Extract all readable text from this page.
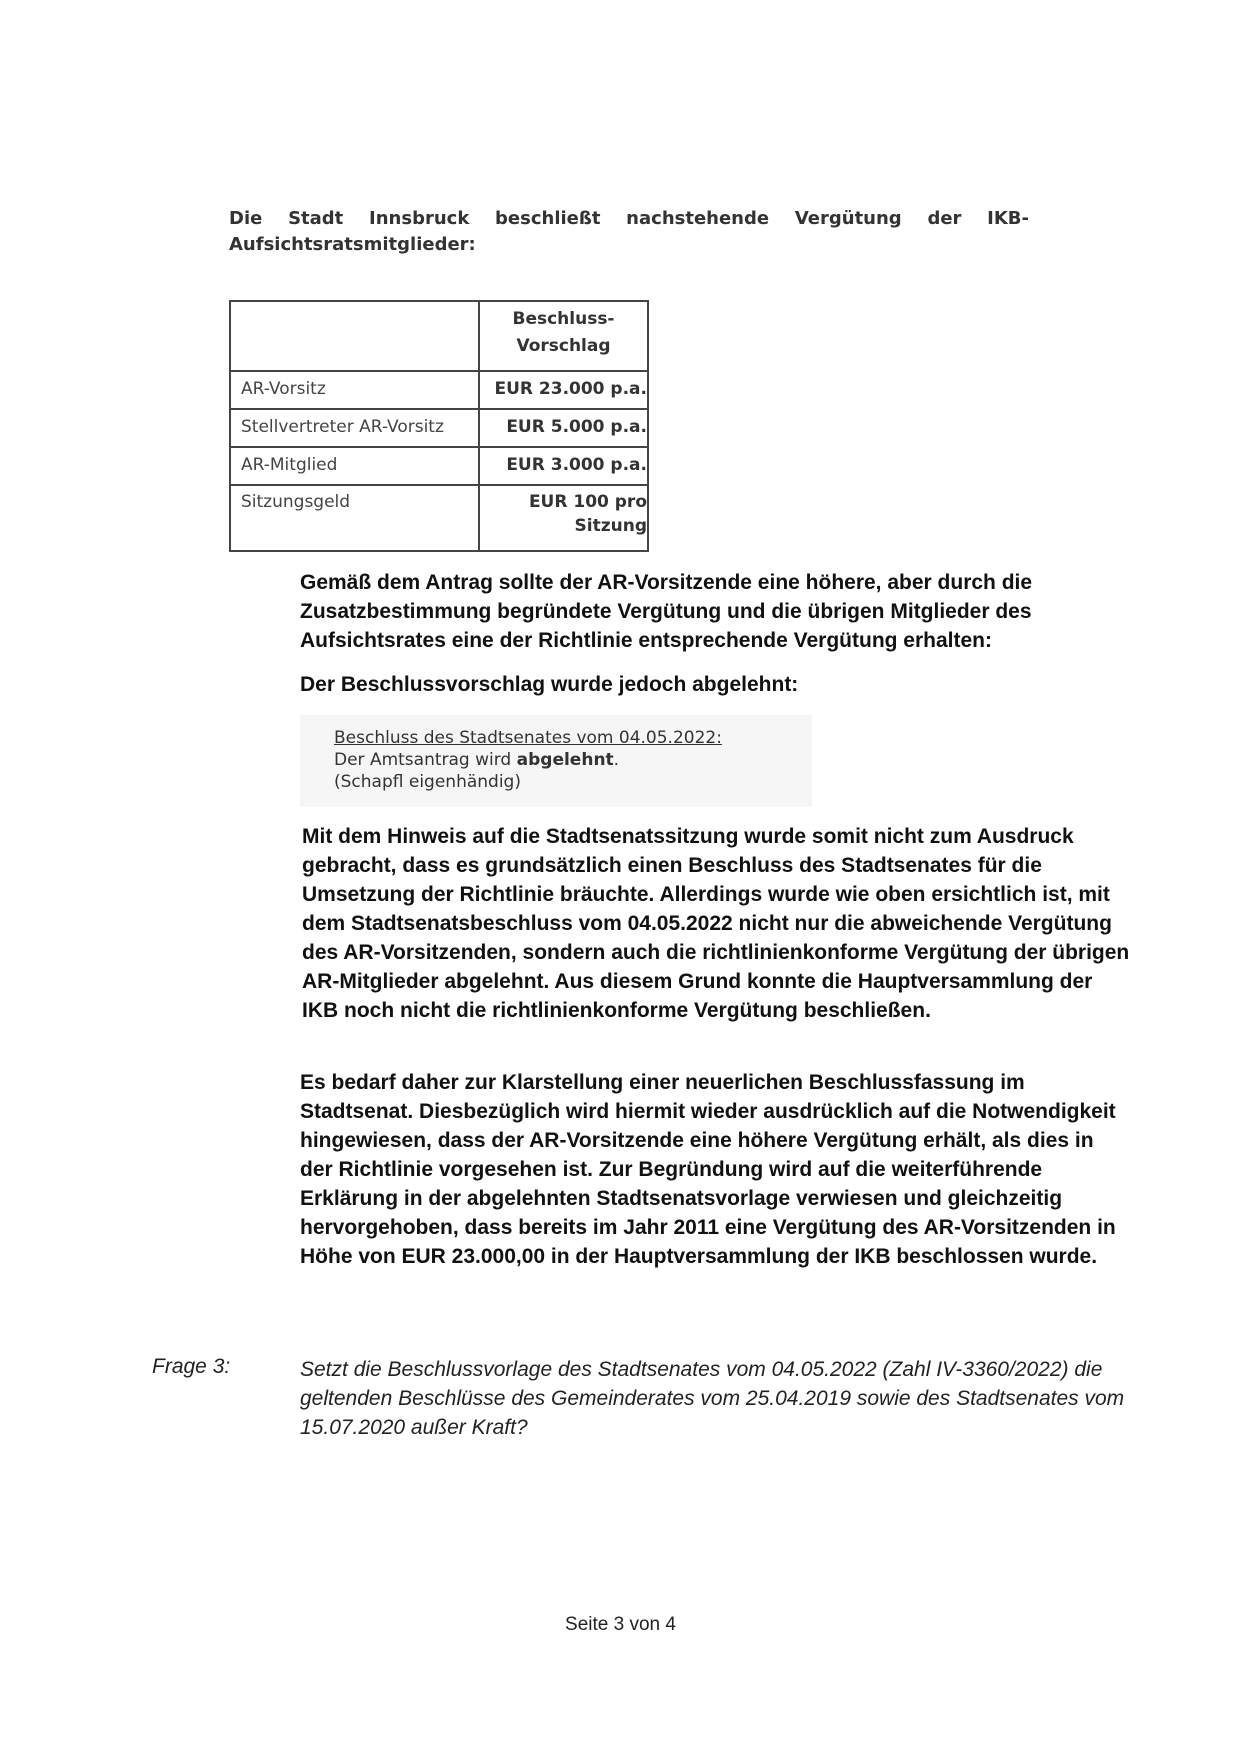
Die Stadt Innsbruck beschließt nachstehende Vergütung der IKB-
Aufsichtsratsmitglieder:

	Beschluss-
Vorschlag

AR-Vorsitz	EUR 23.000 p.a.
Stellvertreter AR-Vorsitz	EUR 5.000 p.a.
AR-Mitglied	EUR 3.000 p.a.
Sitzungsgeld	EUR 100 pro
Sitzung
Gemäß dem Antrag sollte der AR-Vorsitzende eine höhere, aber durch die Zusatzbestimmung begründete Vergütung und die übrigen Mitglieder des Aufsichtsrates eine der Richtlinie entsprechende Vergütung erhalten:
Der Beschlussvorschlag wurde jedoch abgelehnt:
Beschluss des Stadtsenates vom 04.05.2022:
Der Amtsantrag wird abgelehnt.
(Schapfl eigenhändig)
Mit dem Hinweis auf die Stadtsenatssitzung wurde somit nicht zum Ausdruck gebracht, dass es grundsätzlich einen Beschluss des Stadtsenates für die Umsetzung der Richtlinie bräuchte. Allerdings wurde wie oben ersichtlich ist, mit dem Stadtsenatsbeschluss vom 04.05.2022 nicht nur die abweichende Vergütung des AR-Vorsitzenden, sondern auch die richtlinienkonforme Vergütung der übrigen AR-Mitglieder abgelehnt. Aus diesem Grund konnte die Hauptversammlung der IKB noch nicht die richtlinienkonforme Vergütung beschließen.
Es bedarf daher zur Klarstellung einer neuerlichen Beschlussfassung im Stadtsenat. Diesbezüglich wird hiermit wieder ausdrücklich auf die Notwendigkeit hingewiesen, dass der AR-Vorsitzende eine höhere Vergütung erhält, als dies in der Richtlinie vorgesehen ist. Zur Begründung wird auf die weiterführende Erklärung in der abgelehnten Stadtsenatsvorlage verwiesen und gleichzeitig hervorgehoben, dass bereits im Jahr 2011 eine Vergütung des AR-Vorsitzenden in Höhe von EUR 23.000,00 in der Hauptversammlung der IKB beschlossen wurde.
Frage 3:	Setzt die Beschlussvorlage des Stadtsenates vom 04.05.2022 (Zahl IV-3360/2022) die geltenden Beschlüsse des Gemeinderates vom 25.04.2019 sowie des Stadtsenates vom 15.07.2020 außer Kraft?
Seite 3 von 4
